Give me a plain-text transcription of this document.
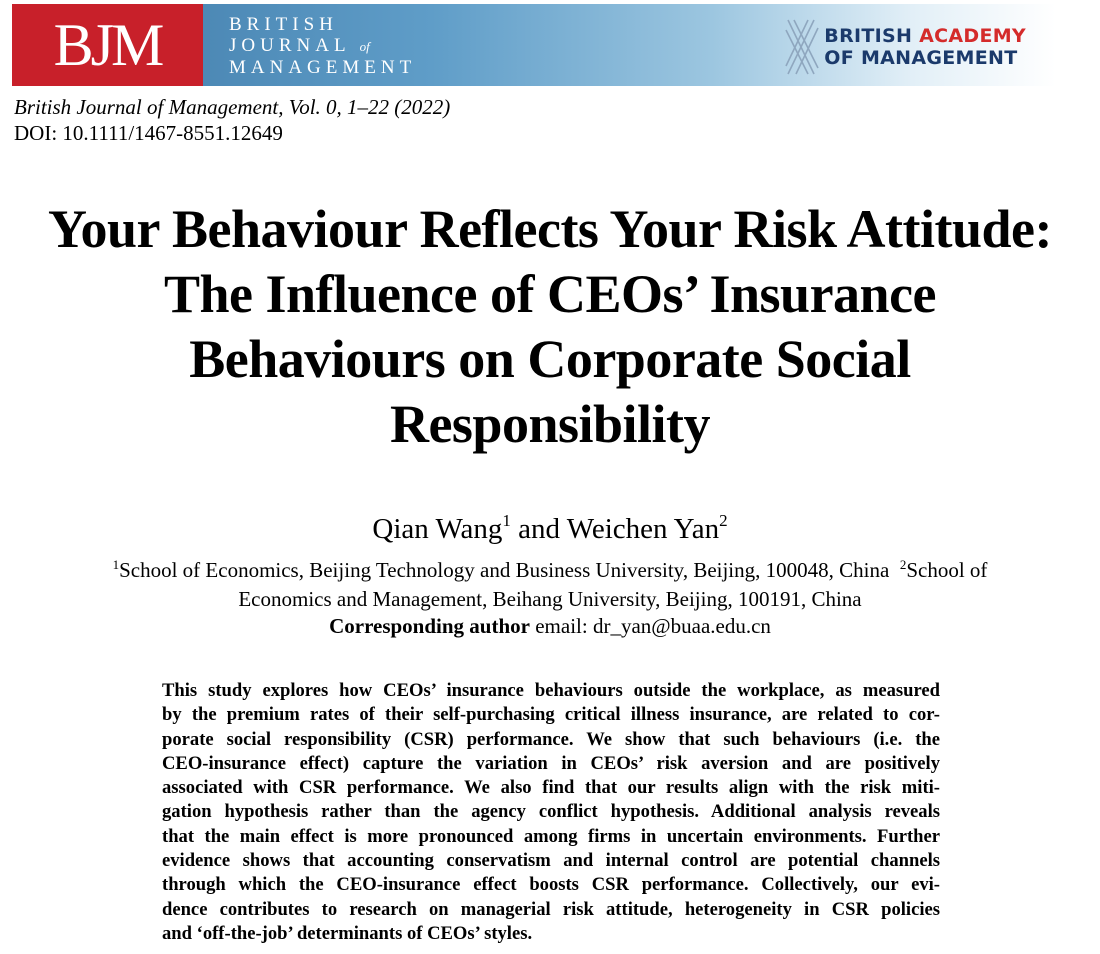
BJM	BRITISH
JOURNAL of
MANAGEMENT
BRITISH ACADEMY
OF MANAGEMENT
British Journal of Management, Vol. 0, 1–22 (2022)
DOI: 10.1111/1467-8551.12649
Your Behaviour Reflects Your Risk Attitude:
The Influence of CEOs’ Insurance
Behaviours on Corporate Social
Responsibility
Qian Wang$^1$ and Weichen Yan$^2$
$^1$School of Economics, Beijing Technology and Business University, Beijing, 100048, China $^2$School of
Economics and Management, Beihang University, Beijing, 100191, China
Corresponding author email: dr_yan@buaa.edu.cn
This study explores how CEOs’ insurance behaviours outside the workplace, as measured
by the premium rates of their self-purchasing critical illness insurance, are related to cor-
porate social responsibility (CSR) performance. We show that such behaviours (i.e. the
CEO-insurance effect) capture the variation in CEOs’ risk aversion and are positively
associated with CSR performance. We also find that our results align with the risk miti-
gation hypothesis rather than the agency conflict hypothesis. Additional analysis reveals
that the main effect is more pronounced among firms in uncertain environments. Further
evidence shows that accounting conservatism and internal control are potential channels
through which the CEO-insurance effect boosts CSR performance. Collectively, our evi-
dence contributes to research on managerial risk attitude, heterogeneity in CSR policies
and ‘off-the-job’ determinants of CEOs’ styles.
